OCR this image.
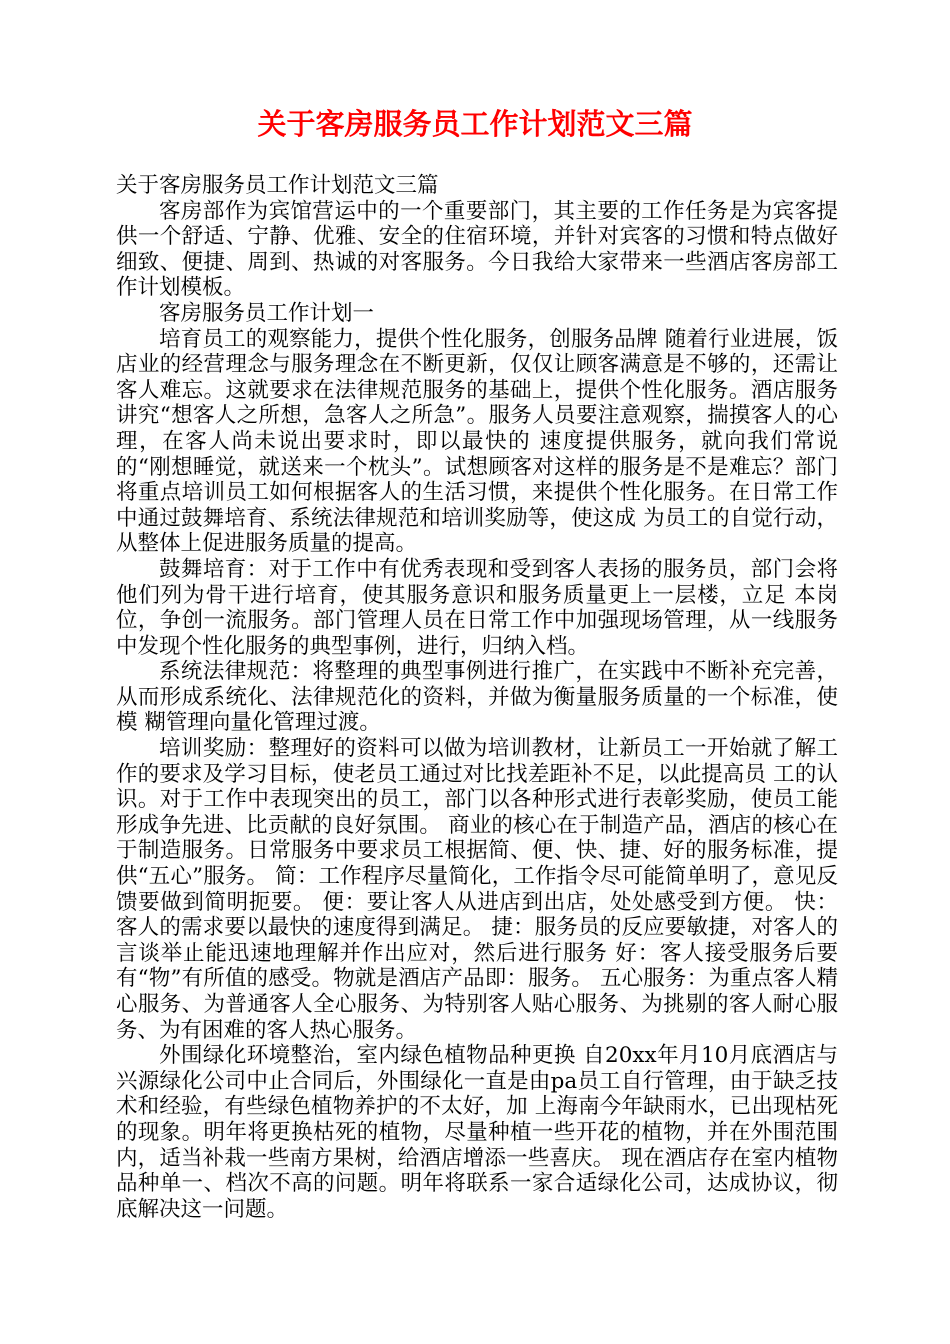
关于客房服务员工作计划范文三篇

关于客房服务员工作计划范文三篇

客房部作为宾馆营运中的一个重要部门，其主要的工作任务是为宾客提供一个舒适、宁静、优雅、安全的住宿环境，并针对宾客的习惯和特点做好细致、便捷、周到、热诚的对客服务。今日我给大家带来一些酒店客房部工作计划模板。

客房服务员工作计划一

培育员工的观察能力，提供个性化服务，创服务品牌 随着行业进展，饭店业的经营理念与服务理念在不断更新，仅仅让顾客满意是不够的，还需让客人难忘。这就要求在法律规范服务的基础上，提供个性化服务。酒店服务讲究“想客人之所想，急客人之所急”。服务人员要注意观察，揣摸客人的心理，在客人尚未说出要求时，即以最快的 速度提供服务，就向我们常说的“刚想睡觉，就送来一个枕头”。试想顾客对这样的服务是不是难忘？部门将重点培训员工如何根据客人的生活习惯，来提供个性化服务。在日常工作中通过鼓舞培育、系统法律规范和培训奖励等，使这成 为员工的自觉行动，从整体上促进服务质量的提高。

鼓舞培育：对于工作中有优秀表现和受到客人表扬的服务员，部门会将他们列为骨干进行培育，使其服务意识和服务质量更上一层楼，立足 本岗位，争创一流服务。部门管理人员在日常工作中加强现场管理，从一线服务中发现个性化服务的典型事例，进行，归纳入档。

系统法律规范：将整理的典型事例进行推广，在实践中不断补充完善，从而形成系统化、法律规范化的资料，并做为衡量服务质量的一个标准，使模 糊管理向量化管理过渡。

培训奖励：整理好的资料可以做为培训教材，让新员工一开始就了解工作的要求及学习目标，使老员工通过对比找差距补不足，以此提高员 工的认识。对于工作中表现突出的员工，部门以各种形式进行表彰奖励，使员工能形成争先进、比贡献的良好氛围。 商业的核心在于制造产品，酒店的核心在于制造服务。日常服务中要求员工根据简、便、快、捷、好的服务标准，提供“五心”服务。 简：工作程序尽量简化，工作指令尽可能简单明了，意见反馈要做到简明扼要。 便：要让客人从进店到出店，处处感受到方便。 快：客人的需求要以最快的速度得到满足。 捷：服务员的反应要敏捷，对客人的言谈举止能迅速地理解并作出应对，然后进行服务 好：客人接受服务后要有“物”有所值的感受。物就是酒店产品即：服务。 五心服务：为重点客人精心服务、为普通客人全心服务、为特别客人贴心服务、为挑剔的客人耐心服务、为有困难的客人热心服务。

外围绿化环境整治，室内绿色植物品种更换 自20xx年月10月底酒店与兴源绿化公司中止合同后，外围绿化一直是由pa员工自行管理，由于缺乏技术和经验，有些绿色植物养护的不太好，加 上海南今年缺雨水，已出现枯死的现象。明年将更换枯死的植物，尽量种植一些开花的植物，并在外围范围内，适当补栽一些南方果树，给酒店增添一些喜庆。 现在酒店存在室内植物品种单一、档次不高的问题。明年将联系一家合适绿化公司，达成协议，彻底解决这一问题。
